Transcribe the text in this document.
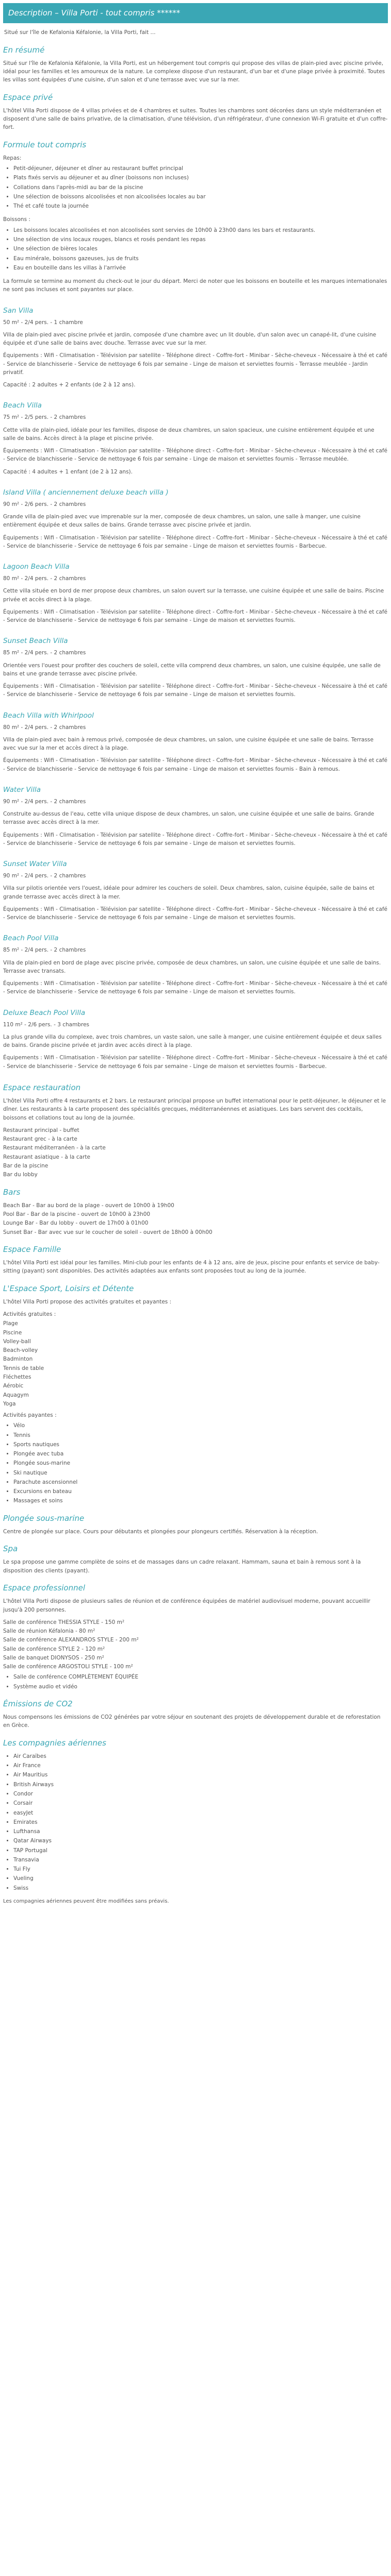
Description – Villa Porti - tout compris ******

Situé sur l'île de Kefalonia Kéfalonie, la Villa Porti, fait ...

En résumé

Situé sur l'île de Kefalonia Kéfalonie, la Villa Porti, est un hébergement tout compris qui propose des villas de plain-pied avec piscine privée, idéal pour les familles et les amoureux de la nature. Le complexe dispose d'un restaurant, d'un bar et d'une plage privée à proximité. Toutes les villas sont équipées d'une cuisine, d'un salon et d'une terrasse avec vue sur la mer.

Espace privé

L'hôtel Villa Porti dispose de 4 villas privées et de 4 chambres et suites. Toutes les chambres sont décorées dans un style méditerranéen et disposent d'une salle de bains privative, de la climatisation, d'une télévision, d'un réfrigérateur, d'une connexion Wi-Fi gratuite et d'un coffre-fort.

Formule tout compris
Repas:
• Petit-déjeuner, déjeuner et dîner au restaurant buffet principal
• Plats fixés servis au déjeuner et au dîner (boissons non incluses)
• Collations dans l'après-midi au bar de la piscine
• Une sélection de boissons alcoolisées et non alcoolisées locales au bar
• Thé et café toute la journée
Boissons :
• Les boissons locales alcoolisées et non alcoolisées sont servies de 10h00 à 23h00 dans les bars et restaurants.
• Une sélection de vins locaux rouges, blancs et rosés pendant les repas
• Une sélection de bières locales
• Eau minérale, boissons gazeuses, jus de fruits
• Eau en bouteille dans les villas à l'arrivée

La formule se termine au moment du check-out le jour du départ. Merci de noter que les boissons en bouteille et les marques internationales ne sont pas incluses et sont payantes sur place.

San Villa

50 m² - 2/4 pers. - 1 chambre

Villa de plain-pied avec piscine privée et jardin, composée d'une chambre avec un lit double, d'un salon avec un canapé-lit, d'une cuisine équipée et d'une salle de bains avec douche. Terrasse avec vue sur la mer.

Équipements : Wifi - Climatisation - Télévision par satellite - Téléphone direct - Coffre-fort - Minibar - Sèche-cheveux - Nécessaire à thé et café - Service de blanchisserie - Service de nettoyage 6 fois par semaine - Linge de maison et serviettes fournis - Terrasse meublée - Jardin privatif.

Capacité : 2 adultes + 2 enfants (de 2 à 12 ans).

Beach Villa

75 m² - 2/5 pers. - 2 chambres

Cette villa de plain-pied, idéale pour les familles, dispose de deux chambres, un salon spacieux, une cuisine entièrement équipée et une salle de bains. Accès direct à la plage et piscine privée.

Équipements : Wifi - Climatisation - Télévision par satellite - Téléphone direct - Coffre-fort - Minibar - Sèche-cheveux - Nécessaire à thé et café - Service de blanchisserie - Service de nettoyage 6 fois par semaine - Linge de maison et serviettes fournis - Terrasse meublée.

Capacité : 4 adultes + 1 enfant (de 2 à 12 ans).

Island Villa ( anciennement deluxe beach villa )

90 m² - 2/6 pers. - 2 chambres

Grande villa de plain-pied avec vue imprenable sur la mer, composée de deux chambres, un salon, une salle à manger, une cuisine entièrement équipée et deux salles de bains. Grande terrasse avec piscine privée et jardin.

Équipements : Wifi - Climatisation - Télévision par satellite - Téléphone direct - Coffre-fort - Minibar - Sèche-cheveux - Nécessaire à thé et café - Service de blanchisserie - Service de nettoyage 6 fois par semaine - Linge de maison et serviettes fournis - Barbecue.

Lagoon Beach Villa

80 m² - 2/4 pers. - 2 chambres

Cette villa située en bord de mer propose deux chambres, un salon ouvert sur la terrasse, une cuisine équipée et une salle de bains. Piscine privée et accès direct à la plage.

Équipements : Wifi - Climatisation - Télévision par satellite - Téléphone direct - Coffre-fort - Minibar - Sèche-cheveux - Nécessaire à thé et café - Service de blanchisserie - Service de nettoyage 6 fois par semaine - Linge de maison et serviettes fournis.

Sunset Beach Villa

85 m² - 2/4 pers. - 2 chambres

Orientée vers l'ouest pour profiter des couchers de soleil, cette villa comprend deux chambres, un salon, une cuisine équipée, une salle de bains et une grande terrasse avec piscine privée.

Équipements : Wifi - Climatisation - Télévision par satellite - Téléphone direct - Coffre-fort - Minibar - Sèche-cheveux - Nécessaire à thé et café - Service de blanchisserie - Service de nettoyage 6 fois par semaine - Linge de maison et serviettes fournis.

Beach Villa with Whirlpool

80 m² - 2/4 pers. - 2 chambres

Villa de plain-pied avec bain à remous privé, composée de deux chambres, un salon, une cuisine équipée et une salle de bains. Terrasse avec vue sur la mer et accès direct à la plage.

Équipements : Wifi - Climatisation - Télévision par satellite - Téléphone direct - Coffre-fort - Minibar - Sèche-cheveux - Nécessaire à thé et café - Service de blanchisserie - Service de nettoyage 6 fois par semaine - Linge de maison et serviettes fournis - Bain à remous.

Water Villa

90 m² - 2/4 pers. - 2 chambres

Construite au-dessus de l'eau, cette villa unique dispose de deux chambres, un salon, une cuisine équipée et une salle de bains. Grande terrasse avec accès direct à la mer.

Équipements : Wifi - Climatisation - Télévision par satellite - Téléphone direct - Coffre-fort - Minibar - Sèche-cheveux - Nécessaire à thé et café - Service de blanchisserie - Service de nettoyage 6 fois par semaine - Linge de maison et serviettes fournis.

Sunset Water Villa

90 m² - 2/4 pers. - 2 chambres

Villa sur pilotis orientée vers l'ouest, idéale pour admirer les couchers de soleil. Deux chambres, salon, cuisine équipée, salle de bains et grande terrasse avec accès direct à la mer.

Équipements : Wifi - Climatisation - Télévision par satellite - Téléphone direct - Coffre-fort - Minibar - Sèche-cheveux - Nécessaire à thé et café - Service de blanchisserie - Service de nettoyage 6 fois par semaine - Linge de maison et serviettes fournis.

Beach Pool Villa

85 m² - 2/4 pers. - 2 chambres

Villa de plain-pied en bord de plage avec piscine privée, composée de deux chambres, un salon, une cuisine équipée et une salle de bains. Terrasse avec transats.

Équipements : Wifi - Climatisation - Télévision par satellite - Téléphone direct - Coffre-fort - Minibar - Sèche-cheveux - Nécessaire à thé et café - Service de blanchisserie - Service de nettoyage 6 fois par semaine - Linge de maison et serviettes fournis.

Deluxe Beach Pool Villa

110 m² - 2/6 pers. - 3 chambres

La plus grande villa du complexe, avec trois chambres, un vaste salon, une salle à manger, une cuisine entièrement équipée et deux salles de bains. Grande piscine privée et jardin avec accès direct à la plage.

Équipements : Wifi - Climatisation - Télévision par satellite - Téléphone direct - Coffre-fort - Minibar - Sèche-cheveux - Nécessaire à thé et café - Service de blanchisserie - Service de nettoyage 6 fois par semaine - Linge de maison et serviettes fournis - Barbecue.

Espace restauration

L'hôtel Villa Porti offre 4 restaurants et 2 bars. Le restaurant principal propose un buffet international pour le petit-déjeuner, le déjeuner et le dîner. Les restaurants à la carte proposent des spécialités grecques, méditerranéennes et asiatiques. Les bars servent des cocktails, boissons et collations tout au long de la journée.

Restaurant principal - buffet
Restaurant grec - à la carte
Restaurant méditerranéen - à la carte
Restaurant asiatique - à la carte
Bar de la piscine
Bar du lobby
Bars
Beach Bar - Bar au bord de la plage - ouvert de 10h00 à 19h00
Pool Bar - Bar de la piscine - ouvert de 10h00 à 23h00
Lounge Bar - Bar du lobby - ouvert de 17h00 à 01h00
Sunset Bar - Bar avec vue sur le coucher de soleil - ouvert de 18h00 à 00h00
Espace Famille

L'hôtel Villa Porti est idéal pour les familles. Mini-club pour les enfants de 4 à 12 ans, aire de jeux, piscine pour enfants et service de baby-sitting (payant) sont disponibles. Des activités adaptées aux enfants sont proposées tout au long de la journée.

L'Espace Sport, Loisirs et Détente

L'hôtel Villa Porti propose des activités gratuites et payantes :

Activités gratuites :
Plage
Piscine
Volley-ball
Beach-volley
Badminton
Tennis de table
Fléchettes
Aérobic
Aquagym
Yoga
Activités payantes :
• Vélo
• Tennis
• Sports nautiques
• Plongée avec tuba
• Plongée sous-marine
• Ski nautique
• Parachute ascensionnel
• Excursions en bateau
• Massages et soins
Plongée sous-marine

Centre de plongée sur place. Cours pour débutants et plongées pour plongeurs certifiés. Réservation à la réception.

Spa

Le spa propose une gamme complète de soins et de massages dans un cadre relaxant. Hammam, sauna et bain à remous sont à la disposition des clients (payant).

Espace professionnel

L'hôtel Villa Porti dispose de plusieurs salles de réunion et de conférence équipées de matériel audiovisuel moderne, pouvant accueillir jusqu'à 200 personnes.

Salle de conférence THESSIA STYLE - 150 m²
Salle de réunion Kéfalonia - 80 m²
Salle de conférence ALEXANDROS STYLE - 200 m²
Salle de conférence STYLE 2 - 120 m²
Salle de banquet DIONYSOS - 250 m²
Salle de conférence ARGOSTOLI STYLE - 100 m²
• Salle de conférence COMPLÈTEMENT ÉQUIPÉE
• Système audio et vidéo
Émissions de CO2

Nous compensons les émissions de CO2 générées par votre séjour en soutenant des projets de développement durable et de reforestation en Grèce.

Les compagnies aériennes
• Air Caraïbes
• Air France
• Air Mauritius
• British Airways
• Condor
• Corsair
• easyJet
• Emirates
• Lufthansa
• Qatar Airways
• TAP Portugal
• Transavia
• Tui Fly
• Vueling
• Swiss

Les compagnies aériennes peuvent être modifiées sans préavis.
